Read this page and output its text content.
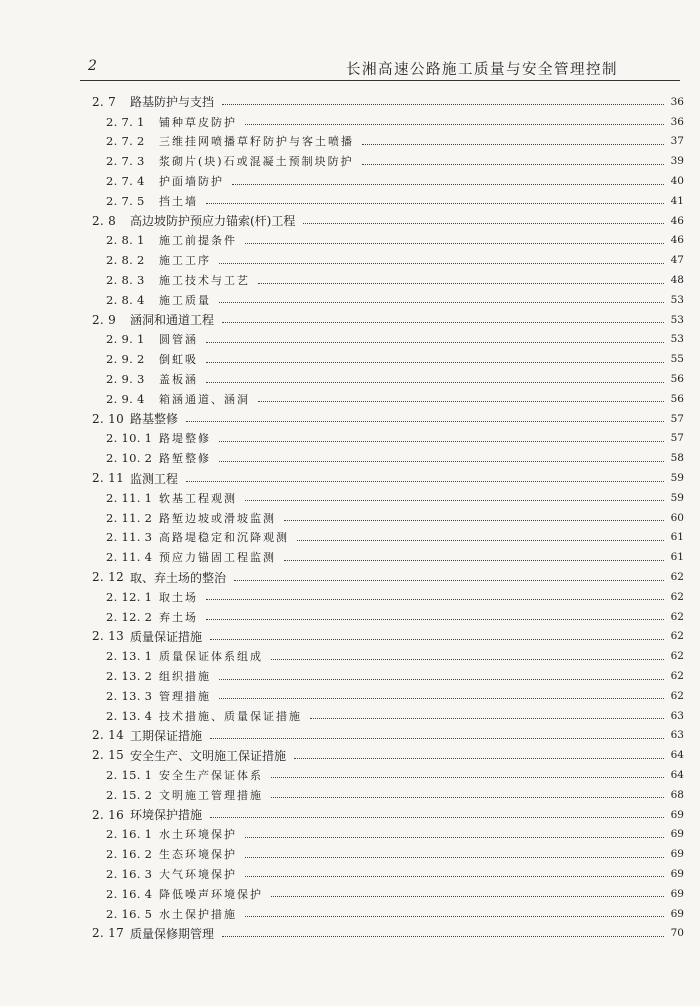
2	长湘高速公路施工质量与安全管理控制
2. 7	路基防护与支挡	36
2. 7. 1	铺种草皮防护	36
2. 7. 2	三维挂网喷播草籽防护与客土喷播	37
2. 7. 3	浆砌片(块)石或混凝土预制块防护	39
2. 7. 4	护面墙防护	40
2. 7. 5	挡土墙	41
2. 8	高边坡防护预应力锚索(杆)工程	46
2. 8. 1	施工前提条件	46
2. 8. 2	施工工序	47
2. 8. 3	施工技术与工艺	48
2. 8. 4	施工质量	53
2. 9	涵洞和通道工程	53
2. 9. 1	圆管涵	53
2. 9. 2	倒虹吸	55
2. 9. 3	盖板涵	56
2. 9. 4	箱涵通道、涵洞	56
2. 10 路基整修	57
2. 10. 1 路堤整修	57
2. 10. 2 路堑整修	58
2. 11 监测工程	59
2. 11. 1 软基工程观测	59
2. 11. 2 路堑边坡或滑坡监测	60
2. 11. 3 高路堤稳定和沉降观测	61
2. 11. 4 预应力锚固工程监测	61
2. 12 取、弃土场的整治	62
2. 12. 1 取土场	62
2. 12. 2 弃土场	62
2. 13 质量保证措施	62
2. 13. 1 质量保证体系组成	62
2. 13. 2 组织措施	62
2. 13. 3 管理措施	62
2. 13. 4 技术措施、质量保证措施	63
2. 14 工期保证措施	63
2. 15 安全生产、文明施工保证措施	64
2. 15. 1 安全生产保证体系	64
2. 15. 2 文明施工管理措施	68
2. 16 环境保护措施	69
2. 16. 1 水土环境保护	69
2. 16. 2 生态环境保护	69
2. 16. 3 大气环境保护	69
2. 16. 4 降低噪声环境保护	69
2. 16. 5 水土保护措施	69
2. 17 质量保修期管理	70
